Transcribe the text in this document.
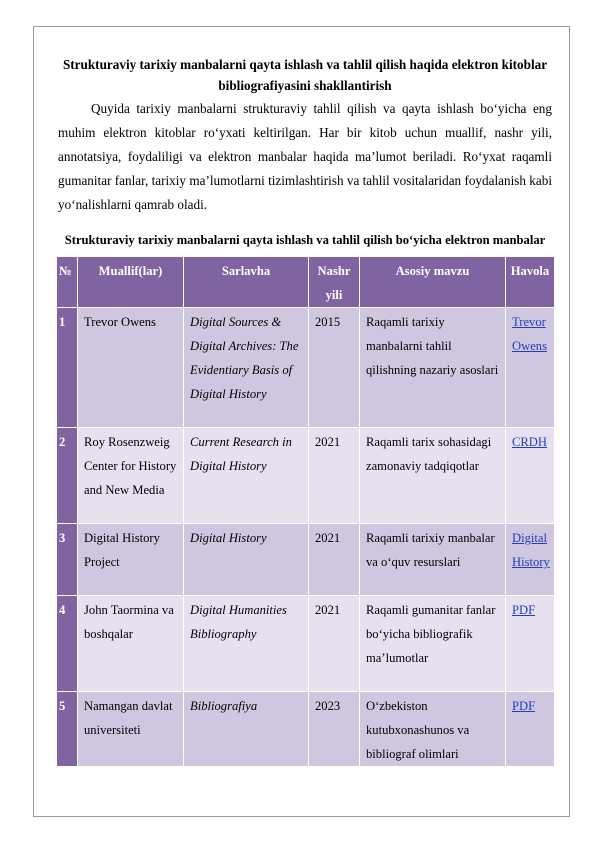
Strukturaviy tarixiy manbalarni qayta ishlash va tahlil qilish haqida elektron kitoblar bibliografiyasini shakllantirish

Quyida tarixiy manbalarni strukturaviy tahlil qilish va qayta ishlash bo‘yicha eng muhim elektron kitoblar ro‘yxati keltirilgan. Har bir kitob uchun muallif, nashr yili, annotatsiya, foydaliligi va elektron manbalar haqida ma’lumot beriladi. Ro‘yxat raqamli gumanitar fanlar, tarixiy ma’lumotlarni tizimlashtirish va tahlil vositalaridan foydalanish kabi yo‘nalishlarni qamrab oladi.

Strukturaviy tarixiy manbalarni qayta ishlash va tahlil qilish bo‘yicha elektron manbalar

№	Muallif(lar)	Sarlavha	Nashr yili	Asosiy mavzu	Havola
1	Trevor Owens	Digital Sources & Digital Archives: The Evidentiary Basis of Digital History	2015	Raqamli tarixiy manbalarni tahlil qilishning nazariy asoslari	Trevor Owens
2	Roy Rosenzweig Center for History and New Media	Current Research in Digital History	2021	Raqamli tarix sohasidagi zamonaviy tadqiqotlar	CRDH
3	Digital History Project	Digital History	2021	Raqamli tarixiy manbalar va o‘quv resurslari	Digital History
4	John Taormina va boshqalar	Digital Humanities Bibliography	2021	Raqamli gumanitar fanlar bo‘yicha bibliografik ma’lumotlar	PDF
5	Namangan davlat universiteti	Bibliografiya	2023	O‘zbekiston kutubxonashunos va bibliograf olimlari	PDF
